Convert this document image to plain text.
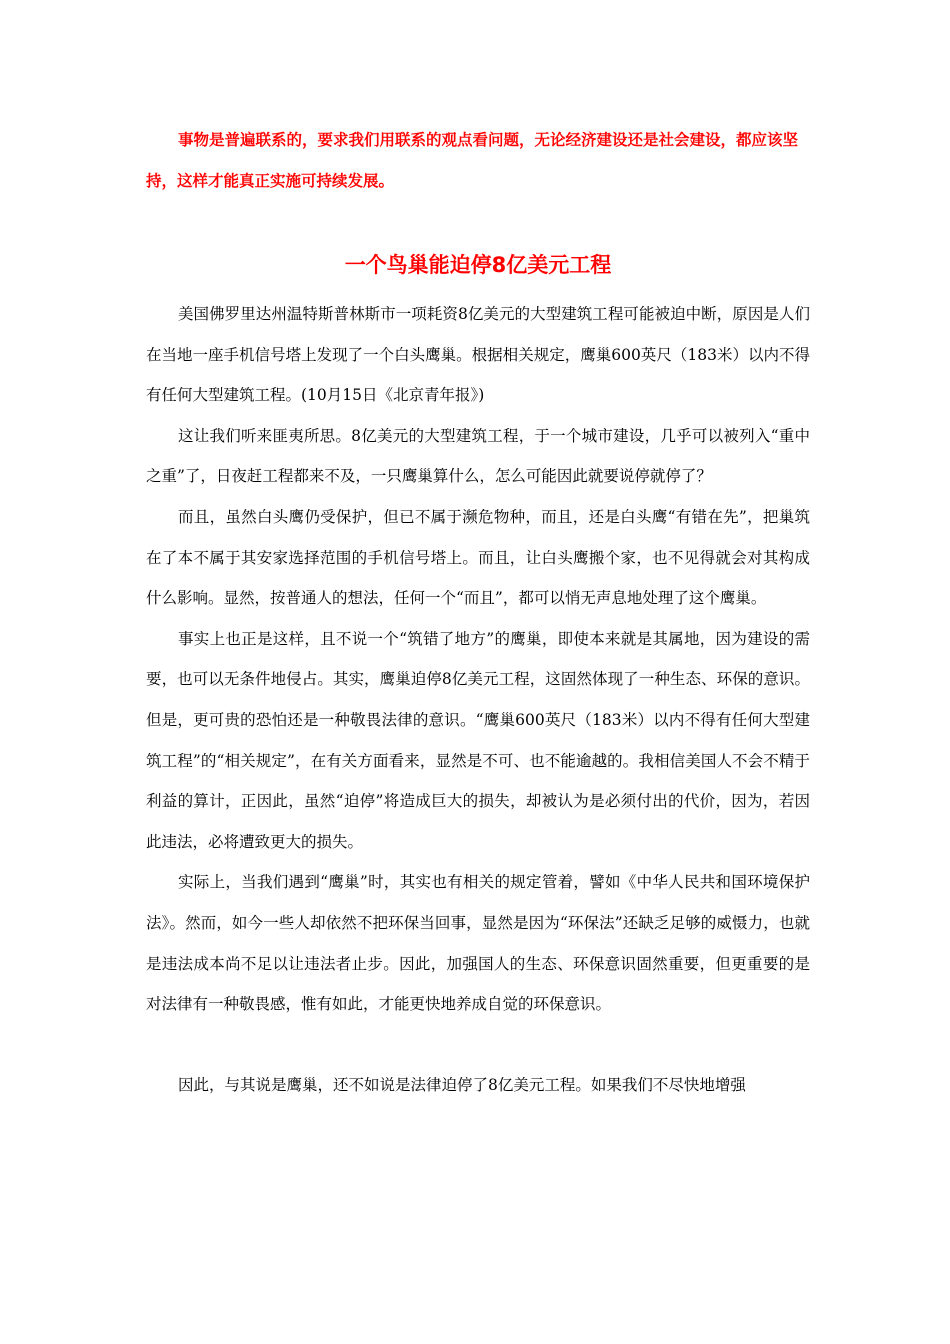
事物是普遍联系的，要求我们用联系的观点看问题，无论经济建设还是社会建设，都应该坚持，这样才能真正实施可持续发展。

一个鸟巢能迫停8亿美元工程

美国佛罗里达州温特斯普林斯市一项耗资8亿美元的大型建筑工程可能被迫中断，原因是人们在当地一座手机信号塔上发现了一个白头鹰巢。根据相关规定，鹰巢600英尺（183米）以内不得有任何大型建筑工程。(10月15日《北京青年报》)

这让我们听来匪夷所思。8亿美元的大型建筑工程，于一个城市建设，几乎可以被列入“重中之重”了，日夜赶工程都来不及，一只鹰巢算什么，怎么可能因此就要说停就停了？

而且，虽然白头鹰仍受保护，但已不属于濒危物种，而且，还是白头鹰“有错在先”，把巢筑在了本不属于其安家选择范围的手机信号塔上。而且，让白头鹰搬个家，也不见得就会对其构成什么影响。显然，按普通人的想法，任何一个“而且”，都可以悄无声息地处理了这个鹰巢。

事实上也正是这样，且不说一个“筑错了地方”的鹰巢，即使本来就是其属地，因为建设的需要，也可以无条件地侵占。其实，鹰巢迫停8亿美元工程，这固然体现了一种生态、环保的意识。但是，更可贵的恐怕还是一种敬畏法律的意识。“鹰巢600英尺（183米）以内不得有任何大型建筑工程”的“相关规定”，在有关方面看来，显然是不可、也不能逾越的。我相信美国人不会不精于利益的算计，正因此，虽然“迫停”将造成巨大的损失，却被认为是必须付出的代价，因为，若因此违法，必将遭致更大的损失。

实际上，当我们遇到“鹰巢”时，其实也有相关的规定管着，譬如《中华人民共和国环境保护法》。然而，如今一些人却依然不把环保当回事，显然是因为“环保法”还缺乏足够的威慑力，也就是违法成本尚不足以让违法者止步。因此，加强国人的生态、环保意识固然重要，但更重要的是对法律有一种敬畏感，惟有如此，才能更快地养成自觉的环保意识。

因此，与其说是鹰巢，还不如说是法律迫停了8亿美元工程。如果我们不尽快地增强
